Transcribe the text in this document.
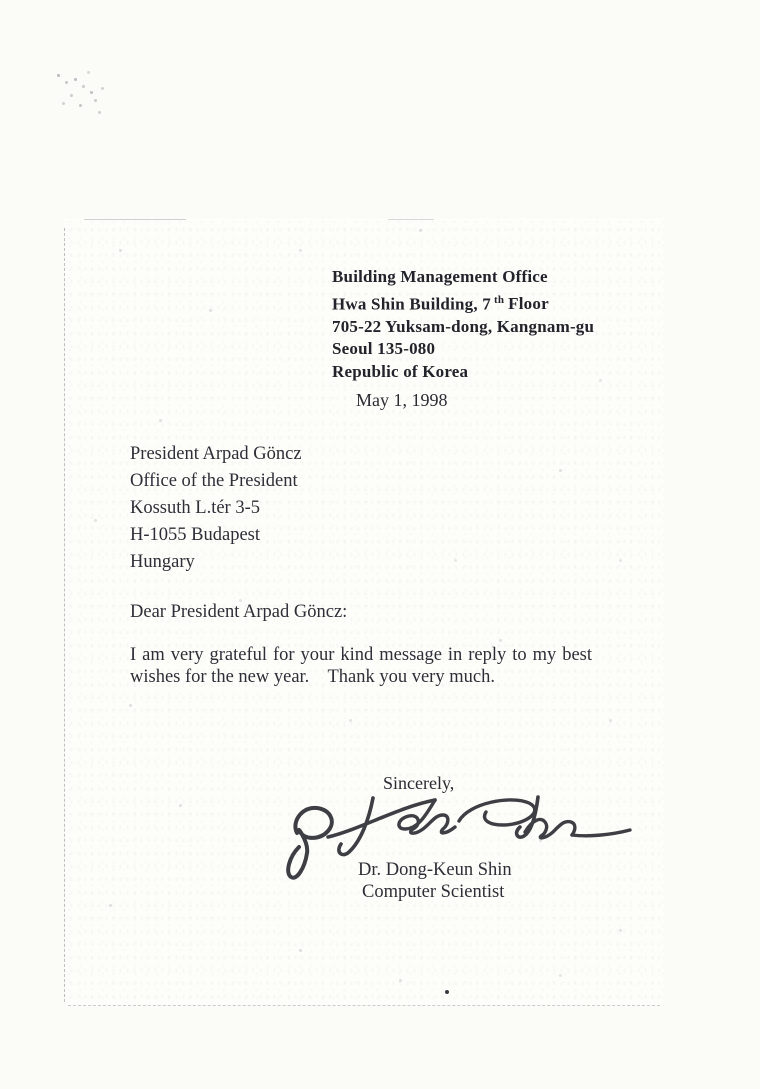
Building Management Office
Hwa Shin Building, 7 $^{th}$ Floor
705-22 Yuksam-dong, Kangnam-gu
Seoul 135-080
Republic of Korea
May 1, 1998
President Arpad Göncz
Office of the President
Kossuth L.tér 3-5
H-1055 Budapest
Hungary
Dear President Arpad Göncz:
I am very grateful for your kind message in reply to my best
wishes for the new year.    Thank you very much.
Sincerely,
Dr. Dong-Keun Shin
Computer Scientist
